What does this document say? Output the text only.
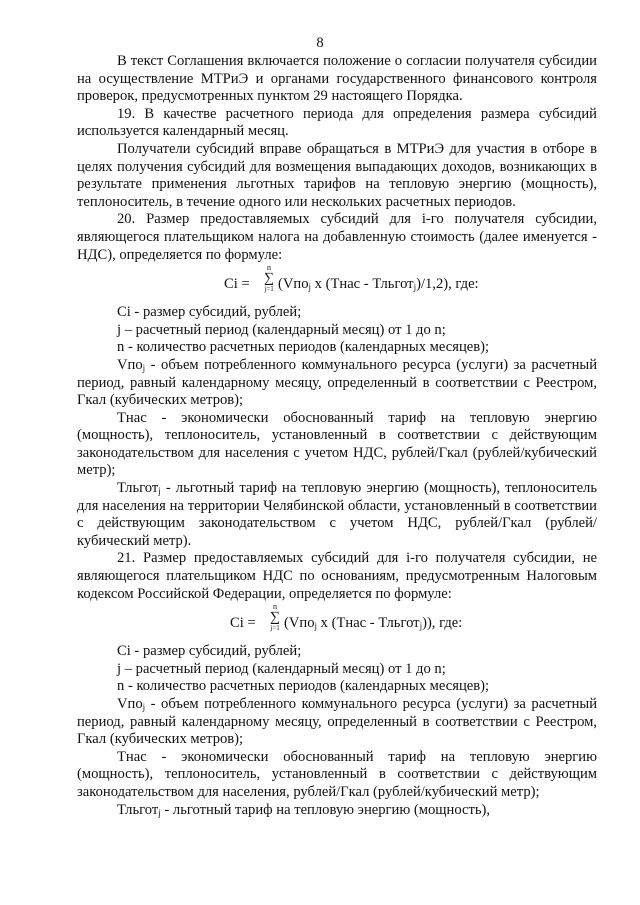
8

В текст Соглашения включается положение о согласии получателя субсидии на осуществление МТРиЭ и органами государственного финансового контроля проверок, предусмотренных пунктом 29 настоящего Порядка.

19. В качестве расчетного периода для определения размера субсидий используется календарный месяц.

Получатели субсидий вправе обращаться в МТРиЭ для участия в отборе в целях получения субсидий для возмещения выпадающих доходов, возникающих в результате применения льготных тарифов на тепловую энергию (мощность), теплоноситель, в течение одного или нескольких расчетных периодов.

20. Размер предоставляемых субсидий для i-го получателя субсидии, являющегося плательщиком налога на добавленную стоимость (далее именуется - НДС), определяется по формуле:

Ci =
n
∑
j=1 (Vпо$_j$ x (Тнас - Тльгот$_j$)/1,2), где:

Ci - размер субсидий, рублей;

j – расчетный период (календарный месяц) от 1 до n;

n - количество расчетных периодов (календарных месяцев);

Vпо$_j$ - объем потребленного коммунального ресурса (услуги) за расчетный период, равный календарному месяцу, определенный в соответствии с Реестром, Гкал (кубических метров);

Тнас - экономически обоснованный тариф на тепловую энергию (мощность), теплоноситель, установленный в соответствии с действующим законодательством для населения с учетом НДС, рублей/Гкал (рублей/кубический метр);

Тльгот$_j$ - льготный тариф на тепловую энергию (мощность), теплоноситель для населения на территории Челябинской области, установленный в соответствии с действующим законодательством с учетом НДС, рублей/Гкал (рублей/кубический метр).

21. Размер предоставляемых субсидий для i-го получателя субсидии, не являющегося плательщиком НДС по основаниям, предусмотренным Налоговым кодексом Российской Федерации, определяется по формуле:

Ci =
n
∑
j=1 (Vпо$_j$ x (Тнас - Тльгот$_j$)), где:

Ci - размер субсидий, рублей;

j – расчетный период (календарный месяц) от 1 до n;

n - количество расчетных периодов (календарных месяцев);

Vпо$_j$ - объем потребленного коммунального ресурса (услуги) за расчетный период, равный календарному месяцу, определенный в соответствии с Реестром, Гкал (кубических метров);

Тнас - экономически обоснованный тариф на тепловую энергию (мощность), теплоноситель, установленный в соответствии с действующим законодательством для населения, рублей/Гкал (рублей/кубический метр);

Тльгот$_j$ - льготный тариф на тепловую энергию (мощность),
